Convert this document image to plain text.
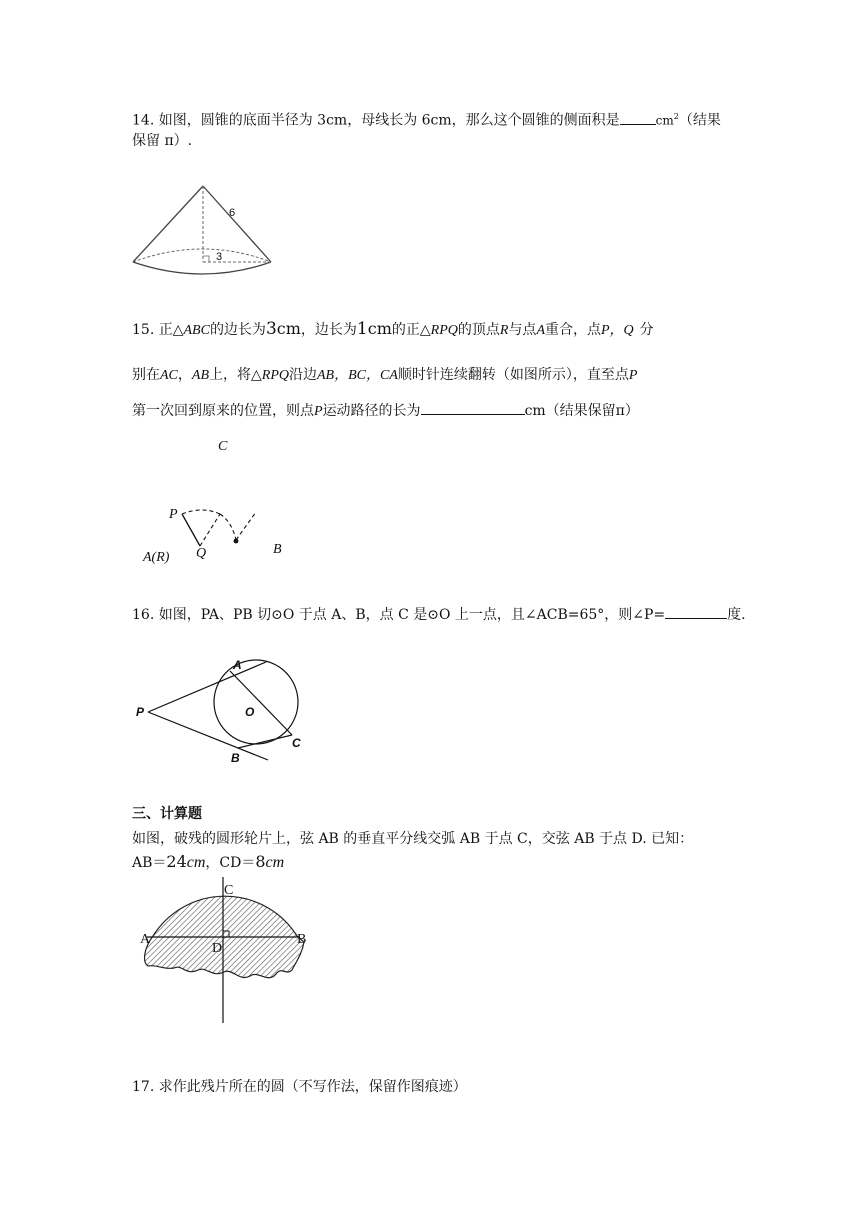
14. 如图，圆锥的底面半径为 3cm，母线长为 6cm，那么这个圆锥的侧面积是	$cm^2$（结果
保留 π）.
6
3
15. 正△ABC的边长为3cm，边长为1cm的正△RPQ的顶点R与点A重合，点P，Q 分
别在AC，AB上，将△RPQ沿边AB，BC，CA顺时针连续翻转（如图所示），直至点P
第一次回到原来的位置，则点P运动路径的长为	cm（结果保留π）
C
P
Q	B
A(R)
16. 如图，PA、PB 切⊙O 于点 A、B，点 C 是⊙O 上一点，且∠ACB=65°，则∠P=	度.
A
O
P
C
B
三、计算题
如图，破残的圆形轮片上，弦 AB 的垂直平分线交弧 AB 于点 C，交弦 AB 于点 D. 已知：
AB＝24cm，CD＝8cm
C
A	B
D
17. 求作此残片所在的圆（不写作法，保留作图痕迹）
